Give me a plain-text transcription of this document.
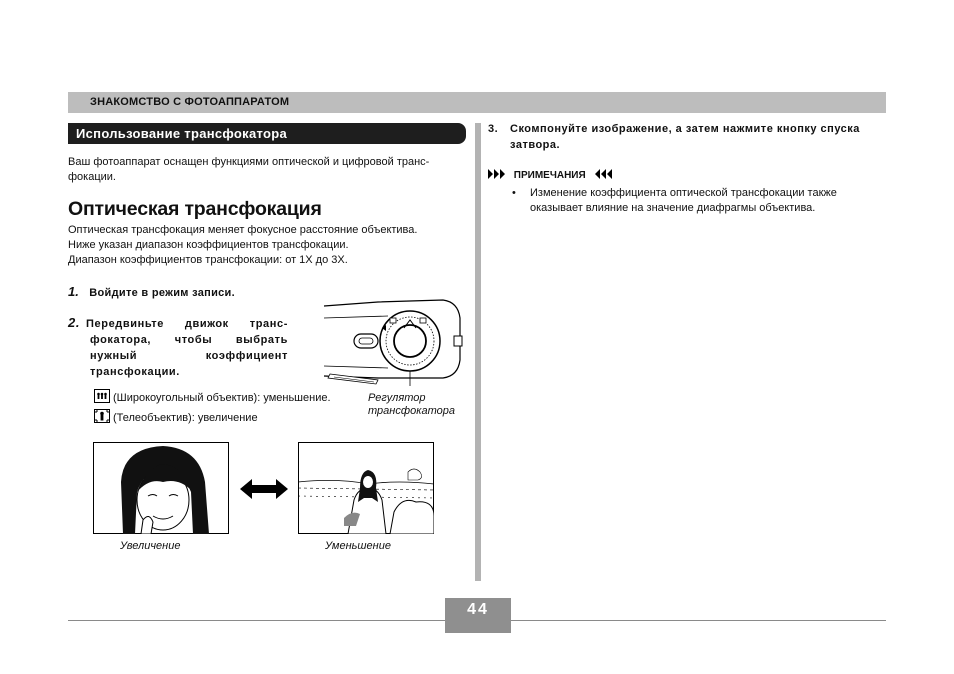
ЗНАКОМСТВО С ФОТОАППАРАТОМ
Использование трансфокатора
Ваш фотоаппарат оснащен функциями оптической и цифровой транс-фокации.
Оптическая трансфокация
Оптическая трансфокация меняет фокусное расстояние объектива.
Ниже указан диапазон коэффициентов трансфокации.
Диапазон коэффициентов трансфокации: от 1X до 3X.
1. Войдите в режим записи.
2. Передвиньте движок транс-фокатора, чтобы выбрать нужный коэффициент трансфокации.
(Широкоугольный объектив): уменьшение.
(Телеобъектив): увеличение
Регулятор
трансфокатора
Увеличение	Уменьшение
3. Скомпонуйте изображение, а затем нажмите кнопку спуска затвора.
ПРИМЕЧАНИЯ
•	Изменение коэффициента оптической трансфокации также оказывает влияние на значение диафрагмы объектива.
44
